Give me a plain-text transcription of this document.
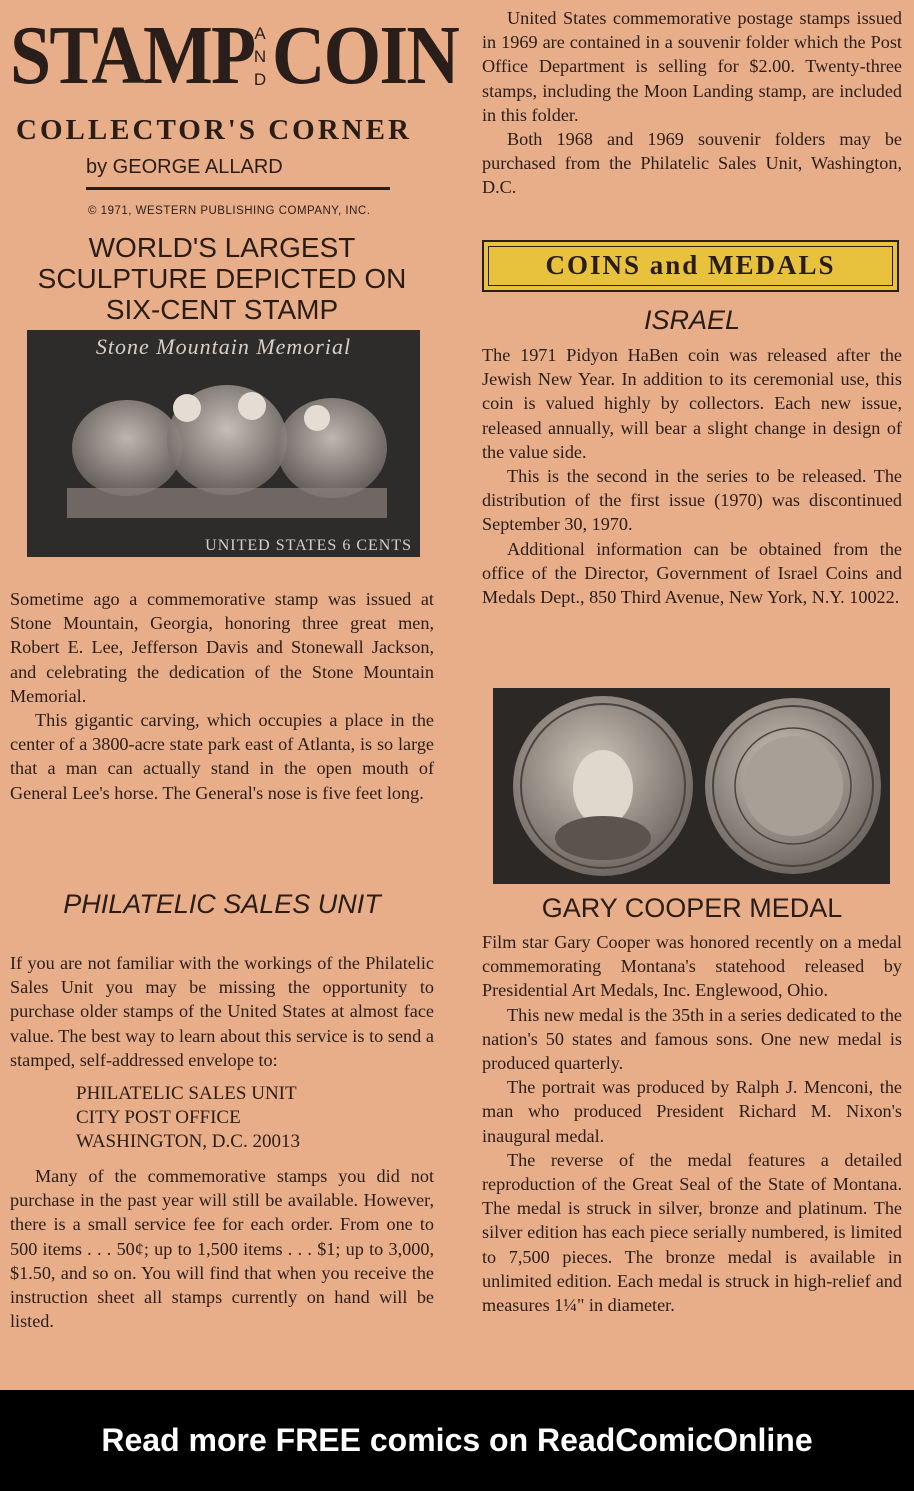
STAMP A
N
D COIN
COLLECTOR'S CORNER
by GEORGE ALLARD
© 1971, WESTERN PUBLISHING COMPANY, INC.
WORLD'S LARGEST
SCULPTURE DEPICTED ON
SIX-CENT STAMP
Stone Mountain Memorial
UNITED STATES 6 CENTS

Sometime ago a commemorative stamp was issued at Stone Mountain, Georgia, honoring three great men, Robert E. Lee, Jefferson Davis and Stonewall Jackson, and celebrating the dedication of the Stone Mountain Memorial.

This gigantic carving, which occupies a place in the center of a 3800-acre state park east of Atlanta, is so large that a man can actually stand in the open mouth of General Lee's horse. The General's nose is five feet long.

PHILATELIC SALES UNIT

If you are not familiar with the workings of the Philatelic Sales Unit you may be missing the opportunity to purchase older stamps of the United States at almost face value. The best way to learn about this service is to send a stamped, self-addressed envelope to:

PHILATELIC SALES UNIT

CITY POST OFFICE

WASHINGTON, D.C. 20013

Many of the commemorative stamps you did not purchase in the past year will still be available. However, there is a small service fee for each order. From one to 500 items . . . 50¢; up to 1,500 items . . . $1; up to 3,000, $1.50, and so on. You will find that when you receive the instruction sheet all stamps currently on hand will be listed.

United States commemorative postage stamps issued in 1969 are contained in a souvenir folder which the Post Office Department is selling for $2.00. Twenty-three stamps, including the Moon Landing stamp, are included in this folder.

Both 1968 and 1969 souvenir folders may be purchased from the Philatelic Sales Unit, Washington, D.C.

COINS and MEDALS
ISRAEL

The 1971 Pidyon HaBen coin was released after the Jewish New Year. In addition to its ceremonial use, this coin is valued highly by collectors. Each new issue, released annually, will bear a slight change in design of the value side.

This is the second in the series to be released. The distribution of the first issue (1970) was discontinued September 30, 1970.

Additional information can be obtained from the office of the Director, Government of Israel Coins and Medals Dept., 850 Third Avenue, New York, N.Y. 10022.

GARY COOPER MEDAL

Film star Gary Cooper was honored recently on a medal commemorating Montana's statehood released by Presidential Art Medals, Inc. Englewood, Ohio.

This new medal is the 35th in a series dedicated to the nation's 50 states and famous sons. One new medal is produced quarterly.

The portrait was produced by Ralph J. Menconi, the man who produced President Richard M. Nixon's inaugural medal.

The reverse of the medal features a detailed reproduction of the Great Seal of the State of Montana. The medal is struck in silver, bronze and platinum. The silver edition has each piece serially numbered, is limited to 7,500 pieces. The bronze medal is available in unlimited edition. Each medal is struck in high-relief and measures 1¼" in diameter.

Read more FREE comics on ReadComicOnline
